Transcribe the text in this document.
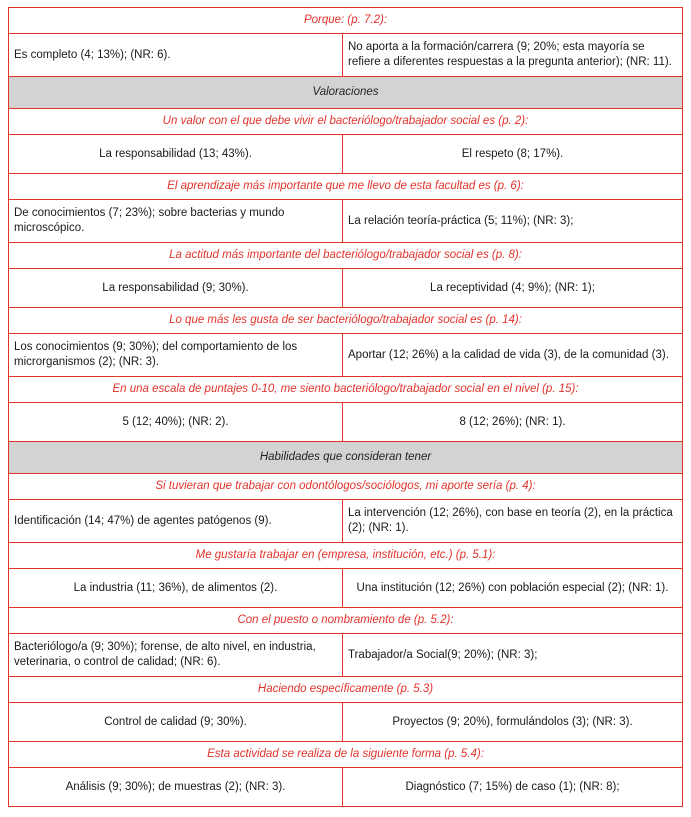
Porque: (p. 7.2):	
Es completo (4; 13%); (NR: 6).	No aporta a la formación/carrera (9; 20%; esta mayoría se refiere a diferentes respuestas a la pregunta anterior); (NR: 11).
Valoraciones	
Un valor con el que debe vivir el bacteriólogo/trabajador social es (p. 2):	
La responsabilidad (13; 43%).	El respeto (8; 17%).
El aprendizaje más importante que me llevo de esta facultad es (p. 6):	
De conocimientos (7; 23%); sobre bacterias y mundo microscópico.	La relación teoría-práctica (5; 11%); (NR: 3);
La actitud más importante del bacteriólogo/trabajador social es (p. 8):	
La responsabilidad (9; 30%).	La receptividad (4; 9%); (NR: 1);
Lo que más les gusta de ser bacteriólogo/trabajador social es (p. 14):	
Los conocimientos (9; 30%); del comportamiento de los microrganismos (2); (NR: 3).	Aportar (12; 26%) a la calidad de vida (3), de la comunidad (3).
En una escala de puntajes 0-10, me siento bacteriólogo/trabajador social en el nivel (p. 15):	
5 (12; 40%); (NR: 2).	8 (12; 26%); (NR: 1).
Habilidades que consideran tener	
Si tuvieran que trabajar con odontólogos/sociólogos, mi aporte sería (p. 4):	
Identificación (14; 47%) de agentes patógenos (9).	La intervención (12; 26%), con base en teoría (2), en la práctica (2); (NR: 1).
Me gustaría trabajar en (empresa, institución, etc.) (p. 5.1):	
La industria (11; 36%), de alimentos (2).	Una institución (12; 26%) con población especial (2); (NR: 1).
Con el puesto o nombramiento de (p. 5.2):	
Bacteriólogo/a (9; 30%); forense, de alto nivel, en industria, veterinaria, o control de calidad; (NR: 6).	Trabajador/a Social(9; 20%); (NR: 3);
Haciendo específicamente (p. 5.3)	
Control de calidad (9; 30%).	Proyectos (9; 20%), formulándolos (3); (NR: 3).
Esta actividad se realiza de la siguiente forma (p. 5.4):	
Análisis (9; 30%); de muestras (2); (NR: 3).	Diagnóstico (7; 15%) de caso (1); (NR: 8);
